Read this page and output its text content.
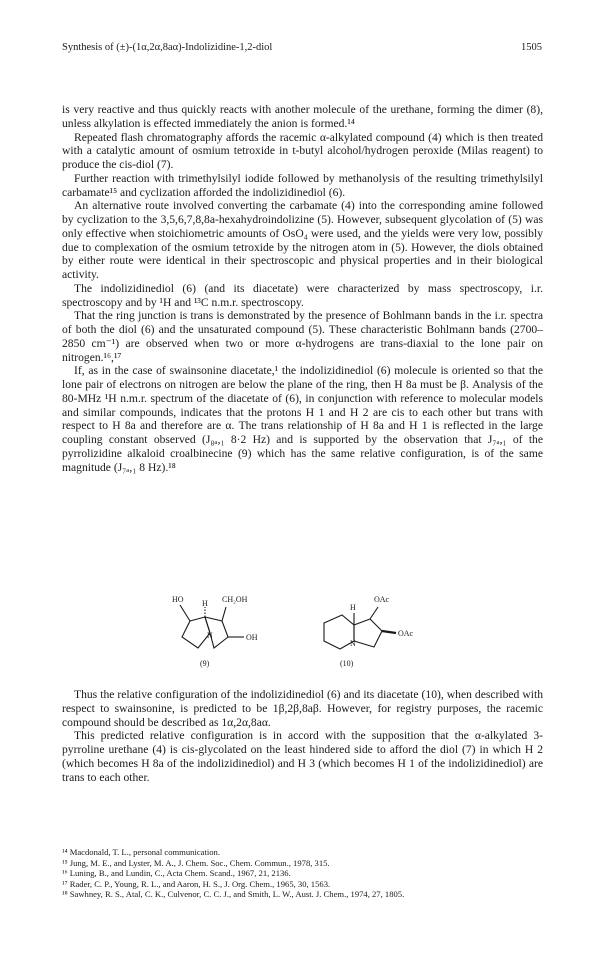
Synthesis of (±)-(1α,2α,8aα)-Indolizidine-1,2-diol	1505

is very reactive and thus quickly reacts with another molecule of the urethane, forming the dimer (8), unless alkylation is effected immediately the anion is formed.¹⁴

Repeated flash chromatography affords the racemic α-alkylated compound (4) which is then treated with a catalytic amount of osmium tetroxide in t-butyl alcohol/hydrogen peroxide (Milas reagent) to produce the cis-diol (7).

Further reaction with trimethylsilyl iodide followed by methanolysis of the resulting trimethylsilyl carbamate¹⁵ and cyclization afforded the indolizidinediol (6).

An alternative route involved converting the carbamate (4) into the corresponding amine followed by cyclization to the 3,5,6,7,8,8a-hexahydroindolizine (5). However, subsequent glycolation of (5) was only effective when stoichiometric amounts of OsO₄ were used, and the yields were very low, possibly due to complexation of the osmium tetroxide by the nitrogen atom in (5). However, the diols obtained by either route were identical in their spectroscopic and physical properties and in their biological activity.

The indolizidinediol (6) (and its diacetate) were characterized by mass spectroscopy, i.r. spectroscopy and by ¹H and ¹³C n.m.r. spectroscopy.

That the ring junction is trans is demonstrated by the presence of Bohlmann bands in the i.r. spectra of both the diol (6) and the unsaturated compound (5). These characteristic Bohlmann bands (2700–2850 cm⁻¹) are observed when two or more α-hydrogens are trans-diaxial to the lone pair on nitrogen.¹⁶,¹⁷

If, as in the case of swainsonine diacetate,¹ the indolizidinediol (6) molecule is oriented so that the lone pair of electrons on nitrogen are below the plane of the ring, then H 8a must be β. Analysis of the 80-MHz ¹H n.m.r. spectrum of the diacetate of (6), in conjunction with reference to molecular models and similar compounds, indicates that the protons H 1 and H 2 are cis to each other but trans with respect to H 8a and therefore are α. The trans relationship of H 8a and H 1 is reflected in the large coupling constant observed (J₈ₐ,₁ 8·2 Hz) and is supported by the observation that J₇ₐ,₁ of the pyrrolizidine alkaloid croalbinecine (9) which has the same relative configuration, is of the same magnitude (J₇ₐ,₁ 8 Hz).¹⁸

HO H CH₂OH
OH
N
(9)
H
OAc
OAc
N
(10)

Thus the relative configuration of the indolizidinediol (6) and its diacetate (10), when described with respect to swainsonine, is predicted to be 1β,2β,8aβ. However, for registry purposes, the racemic compound should be described as 1α,2α,8aα.

This predicted relative configuration is in accord with the supposition that the α-alkylated 3-pyrroline urethane (4) is cis-glycolated on the least hindered side to afford the diol (7) in which H 2 (which becomes H 8a of the indolizidinediol) and H 3 (which becomes H 1 of the indolizidinediol) are trans to each other.

¹⁴ Macdonald, T. L., personal communication.
¹⁵ Jung, M. E., and Lyster, M. A., J. Chem. Soc., Chem. Commun., 1978, 315.
¹⁶ Luning, B., and Lundin, C., Acta Chem. Scand., 1967, 21, 2136.
¹⁷ Rader, C. P., Young, R. L., and Aaron, H. S., J. Org. Chem., 1965, 30, 1563.
¹⁸ Sawhney, R. S., Atal, C. K., Culvenor, C. C. J., and Smith, L. W., Aust. J. Chem., 1974, 27, 1805.
